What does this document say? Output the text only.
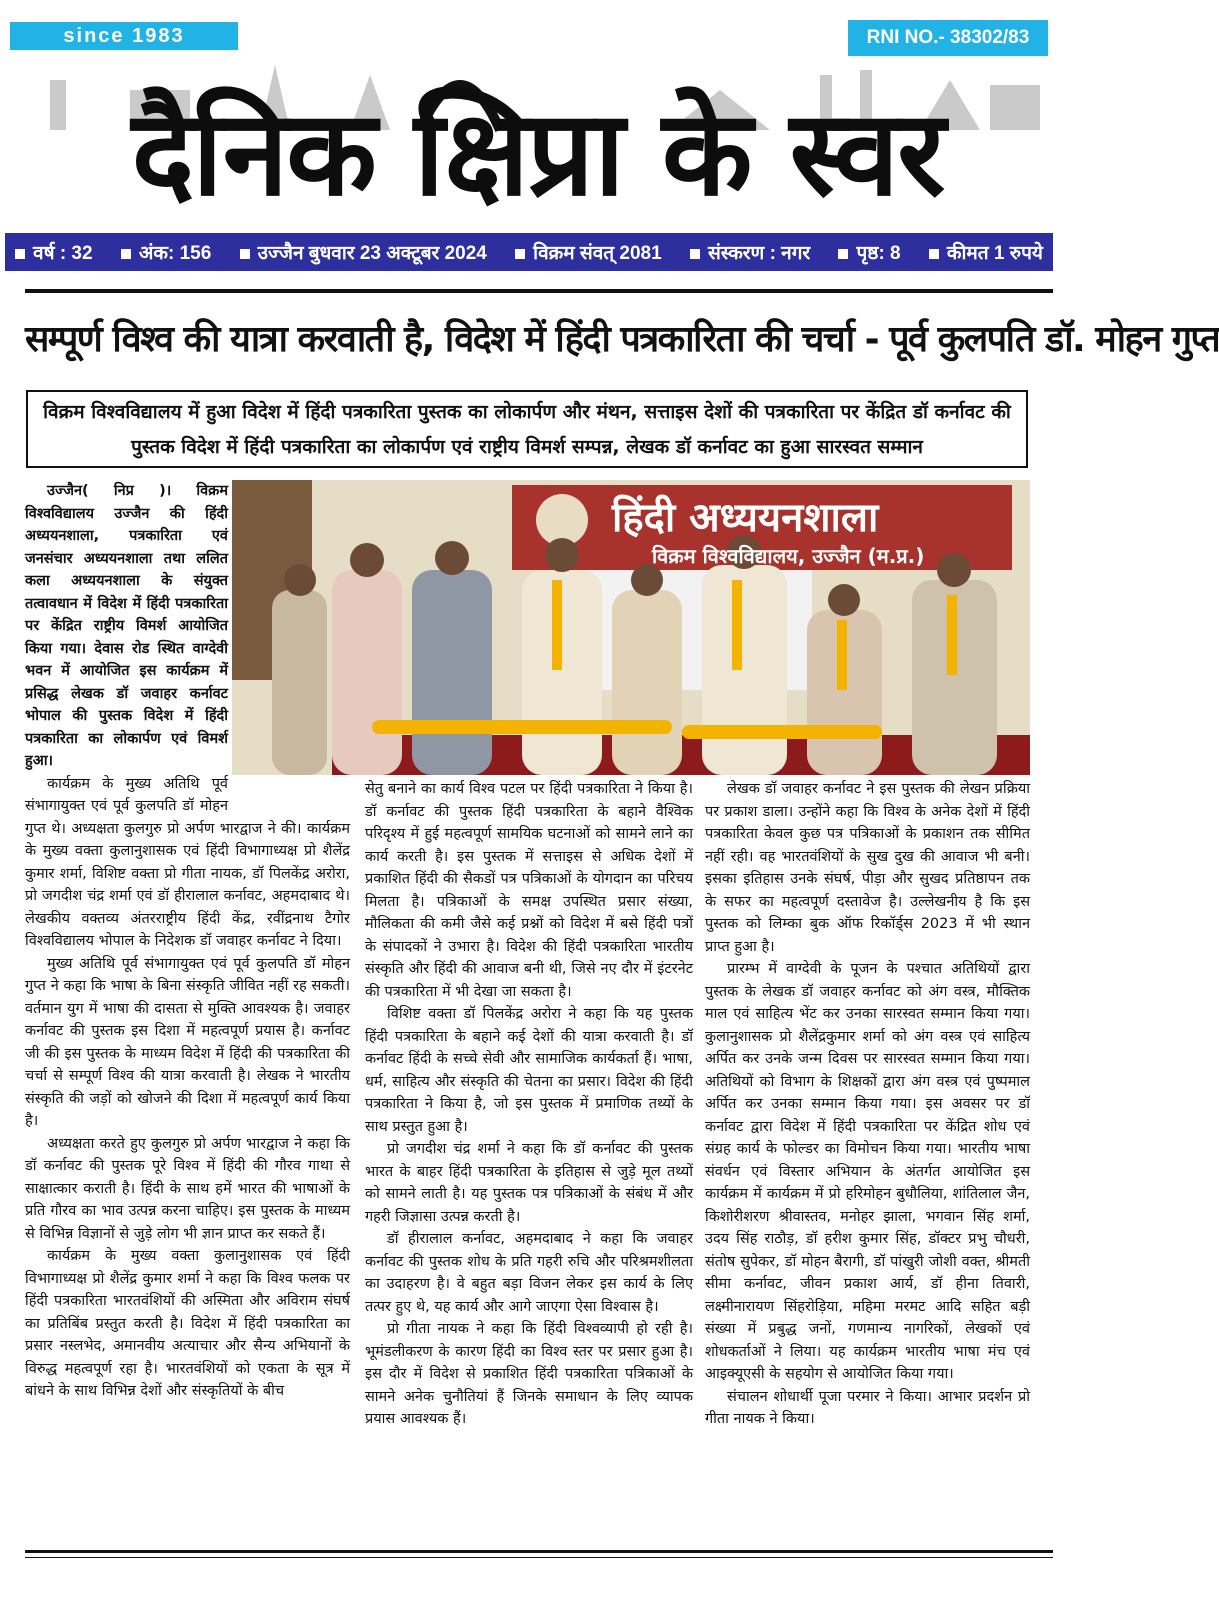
since 1983	RNI NO.- 38302/83
दैनिक क्षिप्रा के स्वर
वर्ष : 32	अंक: 156	उज्जैन बुधवार 23 अक्टूबर 2024	विक्रम संवत् 2081	संस्करण : नगर	पृष्ठ: 8	कीमत 1 रुपये
सम्पूर्ण विश्व की यात्रा करवाती है, विदेश में हिंदी पत्रकारिता की चर्चा - पूर्व कुलपति डॉ. मोहन गुप्त
विक्रम विश्वविद्यालय में हुआ विदेश में हिंदी पत्रकारिता पुस्तक का लोकार्पण और मंथन, सत्ताइस देशों की पत्रकारिता पर केंद्रित डॉ कर्नावट की पुस्तक विदेश में हिंदी पत्रकारिता का लोकार्पण एवं राष्ट्रीय विमर्श सम्पन्न, लेखक डॉ कर्नावट का हुआ सारस्वत सम्मान
हिंदी अध्ययनशाला
विक्रम विश्वविद्यालय, उज्जैन (म.प्र.)

उज्जैन( निप्र )। विक्रम विश्वविद्यालय उज्जैन की हिंदी अध्ययनशाला, पत्रकारिता एवं जनसंचार अध्ययनशाला तथा ललित कला अध्ययनशाला के संयुक्त तत्वावधान में विदेश में हिंदी पत्रकारिता पर केंद्रित राष्ट्रीय विमर्श आयोजित किया गया। देवास रोड स्थित वाग्देवी भवन में आयोजित इस कार्यक्रम में प्रसिद्ध लेखक डॉ जवाहर कर्नावट भोपाल की पुस्तक विदेश में हिंदी पत्रकारिता का लोकार्पण एवं विमर्श हुआ।

कार्यक्रम के मुख्य अतिथि पूर्व संभागायुक्त एवं पूर्व कुलपति डॉ मोहन गुप्त थे। अध्यक्षता कुलगुरु प्रो अर्पण भारद्वाज ने की। कार्यक्रम के मुख्य वक्ता कुलानुशासक एवं हिंदी विभागाध्यक्ष प्रो शैलेंद्र कुमार शर्मा, विशिष्ट वक्ता प्रो गीता नायक, डॉ पिलकेंद्र अरोरा, प्रो जगदीश चंद्र शर्मा एवं डॉ हीरालाल कर्नावट, अहमदाबाद थे। लेखकीय वक्तव्य अंतरराष्ट्रीय हिंदी केंद्र, रवींद्रनाथ टैगोर विश्वविद्यालय भोपाल के निदेशक डॉ जवाहर कर्नावट ने दिया।

मुख्य अतिथि पूर्व संभागायुक्त एवं पूर्व कुलपति डॉ मोहन गुप्त ने कहा कि भाषा के बिना संस्कृति जीवित नहीं रह सकती। वर्तमान युग में भाषा की दासता से मुक्ति आवश्यक है। जवाहर कर्नावट की पुस्तक इस दिशा में महत्वपूर्ण प्रयास है। कर्नावट जी की इस पुस्तक के माध्यम विदेश में हिंदी की पत्रकारिता की चर्चा से सम्पूर्ण विश्व की यात्रा करवाती है। लेखक ने भारतीय संस्कृति की जड़ों को खोजने की दिशा में महत्वपूर्ण कार्य किया है।

अध्यक्षता करते हुए कुलगुरु प्रो अर्पण भारद्वाज ने कहा कि डॉ कर्नावट की पुस्तक पूरे विश्व में हिंदी की गौरव गाथा से साक्षात्कार कराती है। हिंदी के साथ हमें भारत की भाषाओं के प्रति गौरव का भाव उत्पन्न करना चाहिए। इस पुस्तक के माध्यम से विभिन्न विज्ञानों से जुड़े लोग भी ज्ञान प्राप्त कर सकते हैं।

कार्यक्रम के मुख्य वक्ता कुलानुशासक एवं हिंदी विभागाध्यक्ष प्रो शैलेंद्र कुमार शर्मा ने कहा कि विश्व फलक पर हिंदी पत्रकारिता भारतवंशियों की अस्मिता और अविराम संघर्ष का प्रतिबिंब प्रस्तुत करती है। विदेश में हिंदी पत्रकारिता का प्रसार नस्लभेद, अमानवीय अत्याचार और सैन्य अभियानों के विरुद्ध महत्वपूर्ण रहा है। भारतवंशियों को एकता के सूत्र में बांधने के साथ विभिन्न देशों और संस्कृतियों के बीच

सेतु बनाने का कार्य विश्व पटल पर हिंदी पत्रकारिता ने किया है। डॉ कर्नावट की पुस्तक हिंदी पत्रकारिता के बहाने वैश्विक परिदृश्य में हुई महत्वपूर्ण सामयिक घटनाओं को सामने लाने का कार्य करती है। इस पुस्तक में सत्ताइस से अधिक देशों में प्रकाशित हिंदी की सैकडों पत्र पत्रिकाओं के योगदान का परिचय मिलता है। पत्रिकाओं के समक्ष उपस्थित प्रसार संख्या, मौलिकता की कमी जैसे कई प्रश्नों को विदेश में बसे हिंदी पत्रों के संपादकों ने उभारा है। विदेश की हिंदी पत्रकारिता भारतीय संस्कृति और हिंदी की आवाज बनी थी, जिसे नए दौर में इंटरनेट की पत्रकारिता में भी देखा जा सकता है।

विशिष्ट वक्ता डॉ पिलकेंद्र अरोरा ने कहा कि यह पुस्तक हिंदी पत्रकारिता के बहाने कई देशों की यात्रा करवाती है। डॉ कर्नावट हिंदी के सच्चे सेवी और सामाजिक कार्यकर्ता हैं। भाषा, धर्म, साहित्य और संस्कृति की चेतना का प्रसार। विदेश की हिंदी पत्रकारिता ने किया है, जो इस पुस्तक में प्रमाणिक तथ्यों के साथ प्रस्तुत हुआ है।

प्रो जगदीश चंद्र शर्मा ने कहा कि डॉ कर्नावट की पुस्तक भारत के बाहर हिंदी पत्रकारिता के इतिहास से जुड़े मूल तथ्यों को सामने लाती है। यह पुस्तक पत्र पत्रिकाओं के संबंध में और गहरी जिज्ञासा उत्पन्न करती है।

डॉ हीरालाल कर्नावट, अहमदाबाद ने कहा कि जवाहर कर्नावट की पुस्तक शोध के प्रति गहरी रुचि और परिश्रमशीलता का उदाहरण है। वे बहुत बड़ा विजन लेकर इस कार्य के लिए तत्पर हुए थे, यह कार्य और आगे जाएगा ऐसा विश्वास है।

प्रो गीता नायक ने कहा कि हिंदी विश्वव्यापी हो रही है। भूमंडलीकरण के कारण हिंदी का विश्व स्तर पर प्रसार हुआ है। इस दौर में विदेश से प्रकाशित हिंदी पत्रकारिता पत्रिकाओं के सामने अनेक चुनौतियां हैं जिनके समाधान के लिए व्यापक प्रयास आवश्यक हैं।

लेखक डॉ जवाहर कर्नावट ने इस पुस्तक की लेखन प्रक्रिया पर प्रकाश डाला। उन्होंने कहा कि विश्व के अनेक देशों में हिंदी पत्रकारिता केवल कुछ पत्र पत्रिकाओं के प्रकाशन तक सीमित नहीं रही। वह भारतवंशियों के सुख दुख की आवाज भी बनी। इसका इतिहास उनके संघर्ष, पीड़ा और सुखद प्रतिष्ठापन तक के सफर का महत्वपूर्ण दस्तावेज है। उल्लेखनीय है कि इस पुस्तक को लिम्का बुक ऑफ रिकॉर्ड्स 2023 में भी स्थान प्राप्त हुआ है।

प्रारम्भ में वाग्देवी के पूजन के पश्चात अतिथियों द्वारा पुस्तक के लेखक डॉ जवाहर कर्नावट को अंग वस्त्र, मौक्तिक माल एवं साहित्य भेंट कर उनका सारस्वत सम्मान किया गया। कुलानुशासक प्रो शैलेंद्रकुमार शर्मा को अंग वस्त्र एवं साहित्य अर्पित कर उनके जन्म दिवस पर सारस्वत सम्मान किया गया। अतिथियों को विभाग के शिक्षकों द्वारा अंग वस्त्र एवं पुष्पमाल अर्पित कर उनका सम्मान किया गया। इस अवसर पर डॉ कर्नावट द्वारा विदेश में हिंदी पत्रकारिता पर केंद्रित शोध एवं संग्रह कार्य के फोल्डर का विमोचन किया गया। भारतीय भाषा संवर्धन एवं विस्तार अभियान के अंतर्गत आयोजित इस कार्यक्रम में कार्यक्रम में प्रो हरिमोहन बुधौलिया, शांतिलाल जैन, किशोरीशरण श्रीवास्तव, मनोहर झाला, भगवान सिंह शर्मा, उदय सिंह राठौड़, डॉ हरीश कुमार सिंह, डॉक्टर प्रभु चौधरी, संतोष सुपेकर, डॉ मोहन बैरागी, डॉ पांखुरी जोशी वक्त, श्रीमती सीमा कर्नावट, जीवन प्रकाश आर्य, डॉ हीना तिवारी, लक्ष्मीनारायण सिंहरोड़िया, महिमा मरमट आदि सहित बड़ी संख्या में प्रबुद्ध जनों, गणमान्य नागरिकों, लेखकों एवं शोधकर्ताओं ने लिया। यह कार्यक्रम भारतीय भाषा मंच एवं आइक्यूएसी के सहयोग से आयोजित किया गया।

संचालन शोधार्थी पूजा परमार ने किया। आभार प्रदर्शन प्रो गीता नायक ने किया।
